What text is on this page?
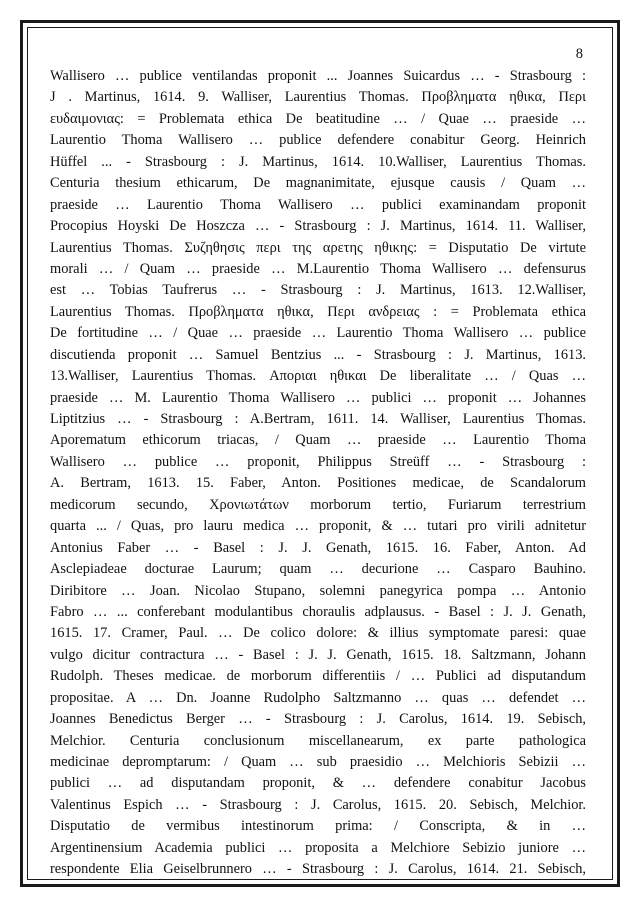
8
Wallisero … publice ventilandas proponit ... Joannes Suicardus … - Strasbourg :
J . Martinus, 1614. 9. Walliser, Laurentius Thomas. Προβληματα ηθικα, Περι
ευδαιμονιας: = Problemata ethica De beatitudine … / Quae … praeside …
Laurentio Thoma Wallisero … publice defendere conabitur Georg. Heinrich
Hüffel ... - Strasbourg : J. Martinus, 1614. 10.Walliser, Laurentius Thomas.
Centuria thesium ethicarum, De magnanimitate, ejusque causis / Quam …
praeside … Laurentio Thoma Wallisero … publici examinandam proponit
Procopius Hoyski De Hoszcza … - Strasbourg : J. Martinus, 1614. 11. Walliser,
Laurentius Thomas. Συζηθησις περι της αρετης ηθικης: = Disputatio De virtute
morali … / Quam … praeside … M.Laurentio Thoma Wallisero … defensurus
est … Tobias Taufrerus … - Strasbourg : J. Martinus, 1613. 12.Walliser,
Laurentius Thomas. Προβληματα ηθικα, Περι ανδρειας : = Problemata ethica
De fortitudine … / Quae … praeside … Laurentio Thoma Wallisero … publice
discutienda proponit … Samuel Bentzius ... - Strasbourg : J. Martinus, 1613.
13.Walliser, Laurentius Thomas. Αποριαι ηθικαι De liberalitate … / Quas …
praeside … M. Laurentio Thoma Wallisero … publici … proponit … Johannes
Liptitzius … - Strasbourg : A.Bertram, 1611. 14. Walliser, Laurentius Thomas.
Aporematum ethicorum triacas, / Quam … praeside … Laurentio Thoma
Wallisero … publice … proponit, Philippus Streüff … - Strasbourg :
A. Bertram, 1613. 15. Faber, Anton. Positiones medicae, de Scandalorum
medicorum secundo, Χρονιωτάτων morborum tertio, Furiarum terrestrium
quarta ... / Quas, pro lauru medica … proponit, & … tutari pro virili adnitetur
Antonius Faber … - Basel : J. J. Genath, 1615. 16. Faber, Anton. Ad
Asclepiadeae docturae Laurum; quam … decurione … Casparo Bauhino.
Diribitore … Joan. Nicolao Stupano, solemni panegyrica pompa … Antonio
Fabro … ... conferebant modulantibus choraulis adplausus. - Basel : J. J. Genath,
1615. 17. Cramer, Paul. … De colico dolore: & illius symptomate paresi: quae
vulgo dicitur contractura … - Basel : J. J. Genath, 1615. 18. Saltzmann, Johann
Rudolph. Theses medicae. de morborum differentiis / … Publici ad disputandum
propositae. A … Dn. Joanne Rudolpho Saltzmanno … quas … defendet …
Joannes Benedictus Berger … - Strasbourg : J. Carolus, 1614. 19. Sebisch,
Melchior. Centuria conclusionum miscellanearum, ex parte pathologica
medicinae depromptarum: / Quam … sub praesidio … Melchioris Sebizii …
publici … ad disputandam proponit, & … defendere conabitur Jacobus
Valentinus Espich … - Strasbourg : J. Carolus, 1615. 20. Sebisch, Melchior.
Disputatio de vermibus intestinorum prima: / Conscripta, & in …
Argentinensium Academia publici … proposita a Melchiore Sebizio juniore …
respondente Elia Geiselbrunnero … - Strasbourg : J. Carolus, 1614. 21. Sebisch,
